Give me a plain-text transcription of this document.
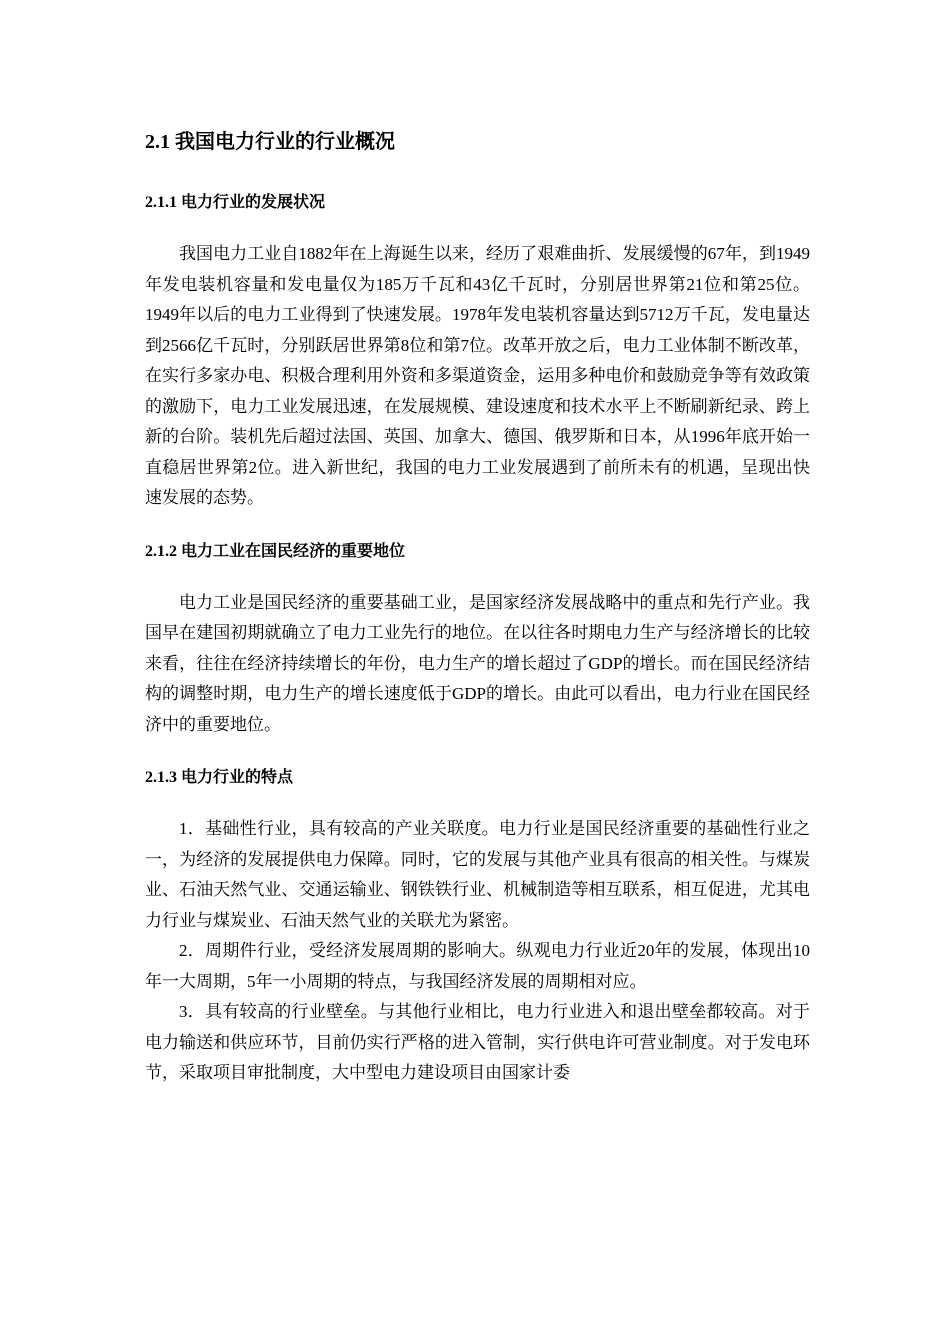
2.1 我国电力行业的行业概况
2.1.1 电力行业的发展状况

我国电力工业自1882年在上海诞生以来，经历了艰难曲折、发展缓慢的67年，到1949年发电装机容量和发电量仅为185万千瓦和43亿千瓦时，分别居世界第21位和第25位。1949年以后的电力工业得到了快速发展。1978年发电装机容量达到5712万千瓦，发电量达到2566亿千瓦时，分别跃居世界第8位和第7位。改革开放之后，电力工业体制不断改革，在实行多家办电、积极合理利用外资和多渠道资金，运用多种电价和鼓励竞争等有效政策的激励下，电力工业发展迅速，在发展规模、建设速度和技术水平上不断刷新纪录、跨上新的台阶。装机先后超过法国、英国、加拿大、德国、俄罗斯和日本，从1996年底开始一直稳居世界第2位。进入新世纪，我国的电力工业发展遇到了前所未有的机遇，呈现出快速发展的态势。

2.1.2 电力工业在国民经济的重要地位

电力工业是国民经济的重要基础工业，是国家经济发展战略中的重点和先行产业。我国早在建国初期就确立了电力工业先行的地位。在以往各时期电力生产与经济增长的比较来看，往往在经济持续增长的年份，电力生产的增长超过了GDP的增长。而在国民经济结构的调整时期，电力生产的增长速度低于GDP的增长。由此可以看出，电力行业在国民经济中的重要地位。

2.1.3 电力行业的特点

1．基础性行业，具有较高的产业关联度。电力行业是国民经济重要的基础性行业之一，为经济的发展提供电力保障。同时，它的发展与其他产业具有很高的相关性。与煤炭业、石油天然气业、交通运输业、钢铁铁行业、机械制造等相互联系，相互促进，尤其电力行业与煤炭业、石油天然气业的关联尤为紧密。

2．周期件行业，受经济发展周期的影响大。纵观电力行业近20年的发展，体现出10年一大周期，5年一小周期的特点，与我国经济发展的周期相对应。

3．具有较高的行业壁垒。与其他行业相比，电力行业进入和退出壁垒都较高。对于电力输送和供应环节，目前仍实行严格的进入管制，实行供电许可营业制度。对于发电环节，采取项目审批制度，大中型电力建设项目由国家计委
